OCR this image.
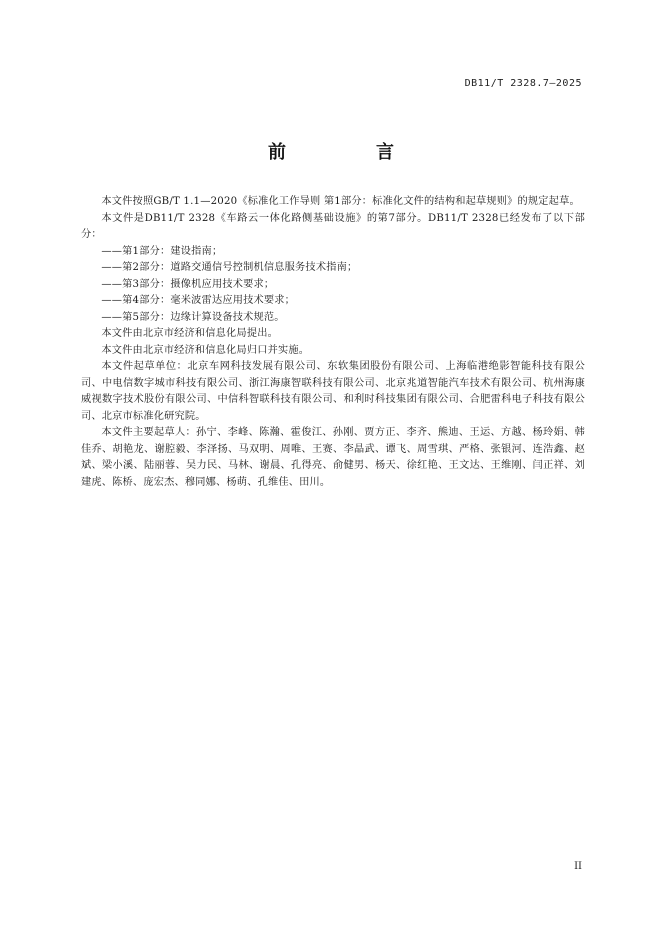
DB11/T 2328.7—2025
前　言

本文件按照GB/T 1.1—2020《标准化工作导则 第1部分：标准化文件的结构和起草规则》的规定起草。

本文件是DB11/T 2328《车路云一体化路侧基础设施》的第7部分。DB11/T 2328已经发布了以下部分：

——第1部分：建设指南；

——第2部分：道路交通信号控制机信息服务技术指南；

——第3部分：摄像机应用技术要求；

——第4部分：毫米波雷达应用技术要求；

——第5部分：边缘计算设备技术规范。

本文件由北京市经济和信息化局提出。

本文件由北京市经济和信息化局归口并实施。

本文件起草单位：北京车网科技发展有限公司、东软集团股份有限公司、上海临港绝影智能科技有限公司、中电信数字城市科技有限公司、浙江海康智联科技有限公司、北京兆道智能汽车技术有限公司、杭州海康威视数字技术股份有限公司、中信科智联科技有限公司、和利时科技集团有限公司、合肥雷科电子科技有限公司、北京市标准化研究院。

本文件主要起草人：孙宁、李峰、陈瀚、霍俊江、孙刚、贾方正、李齐、熊迪、王运、方越、杨玲娟、韩佳乔、胡艳龙、谢腔毅、李泽扬、马双明、周唯、王赛、李晶武、谭飞、周雪琪、严格、张银河、连浩鑫、赵斌、梁小溪、陆丽蓉、吴力民、马林、谢晨、孔得亮、俞健男、杨天、徐红艳、王文达、王维刚、闫正祥、刘建虎、陈桥、庞宏杰、穆同娜、杨萌、孔维佳、田川。

II
